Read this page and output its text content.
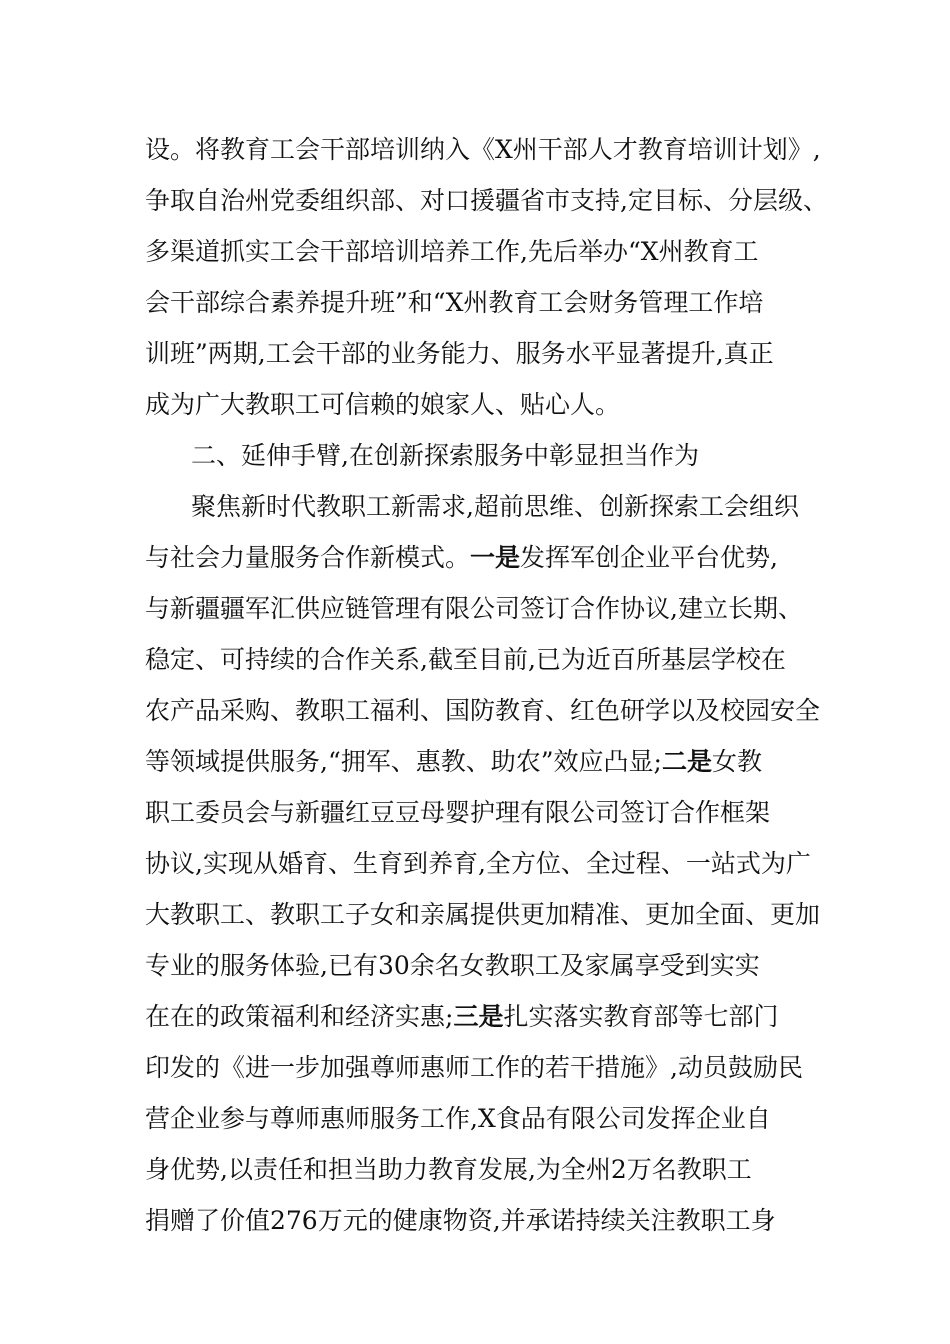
设。将教育工会干部培训纳入《X州干部人才教育培训计划》,
争取自治州党委组织部、对口援疆省市支持,定目标、分层级、
多渠道抓实工会干部培训培养工作,先后举办“X州教育工
会干部综合素养提升班”和“X州教育工会财务管理工作培
训班”两期,工会干部的业务能力、服务水平显著提升,真正
成为广大教职工可信赖的娘家人、贴心人。
二、延伸手臂,在创新探索服务中彰显担当作为
聚焦新时代教职工新需求,超前思维、创新探索工会组织
与社会力量服务合作新模式。一是发挥军创企业平台优势,
与新疆疆军汇供应链管理有限公司签订合作协议,建立长期、
稳定、可持续的合作关系,截至目前,已为近百所基层学校在
农产品采购、教职工福利、国防教育、红色研学以及校园安全
等领域提供服务,“拥军、惠教、助农”效应凸显;二是女教
职工委员会与新疆红豆豆母婴护理有限公司签订合作框架
协议,实现从婚育、生育到养育,全方位、全过程、一站式为广
大教职工、教职工子女和亲属提供更加精准、更加全面、更加
专业的服务体验,已有30余名女教职工及家属享受到实实
在在的政策福利和经济实惠;三是扎实落实教育部等七部门
印发的《进一步加强尊师惠师工作的若干措施》,动员鼓励民
营企业参与尊师惠师服务工作,X食品有限公司发挥企业自
身优势,以责任和担当助力教育发展,为全州2万名教职工
捐赠了价值276万元的健康物资,并承诺持续关注教职工身
